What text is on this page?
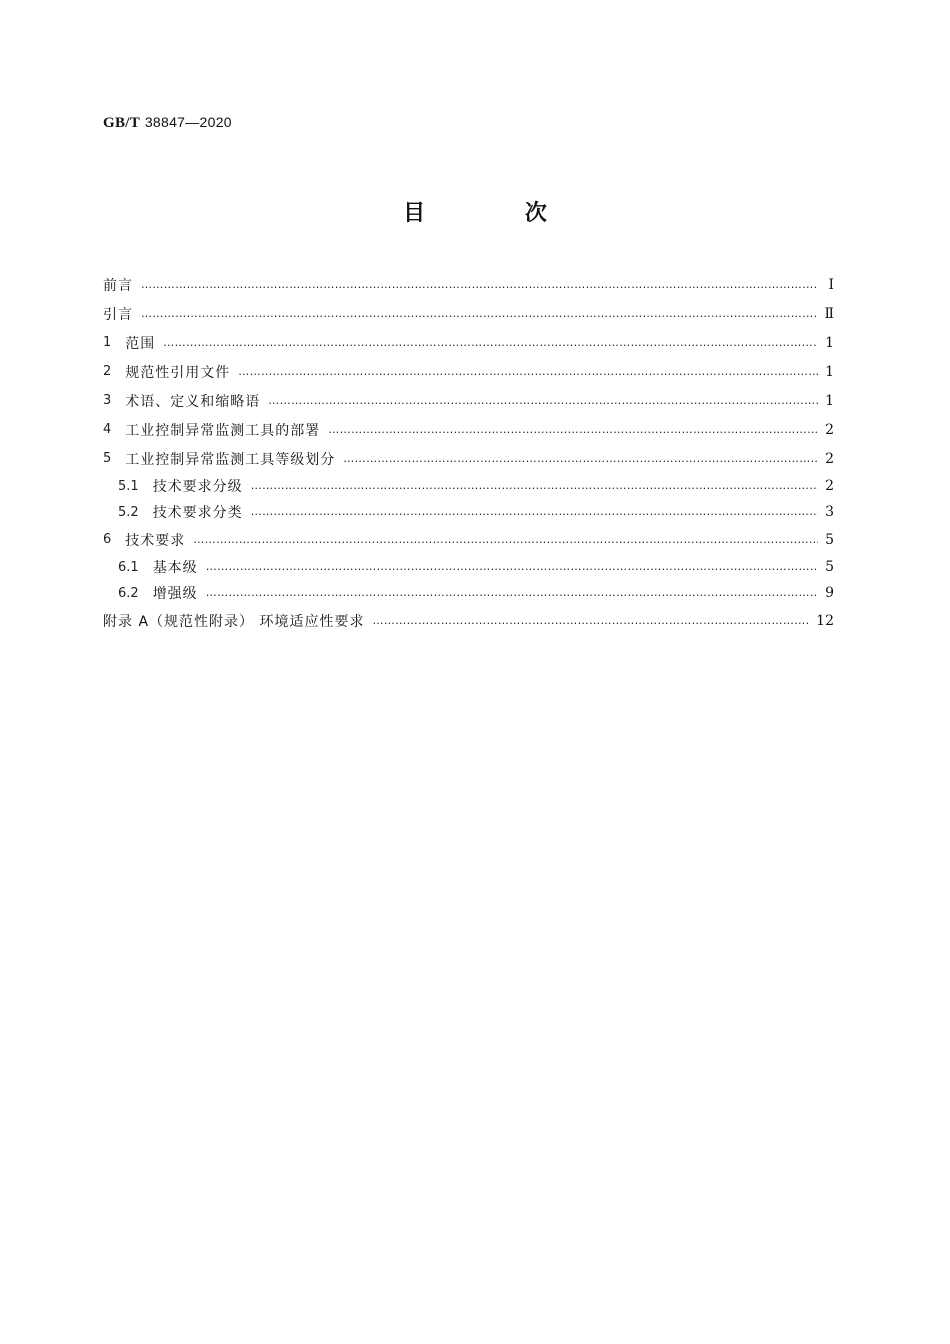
GB/T 38847—2020
目 次
前言 …………………………………………………………………………………………………………………………………………………………………………………………………………………………	Ⅰ
引言 …………………………………………………………………………………………………………………………………………………………………………………………………………………………	Ⅱ
1 范围 …………………………………………………………………………………………………………………………………………………………………………………………………………………………	1
2 规范性引用文件 …………………………………………………………………………………………………………………………………………………………………………………………………………………………	1
3 术语、定义和缩略语 …………………………………………………………………………………………………………………………………………………………………………………………………………………………	1
4 工业控制异常监测工具的部署 …………………………………………………………………………………………………………………………………………………………………………………………………………………………	2
5 工业控制异常监测工具等级划分 …………………………………………………………………………………………………………………………………………………………………………………………………………………………	2
5.1 技术要求分级 …………………………………………………………………………………………………………………………………………………………………………………………………………………………	2
5.2 技术要求分类 …………………………………………………………………………………………………………………………………………………………………………………………………………………………	3
6 技术要求 …………………………………………………………………………………………………………………………………………………………………………………………………………………………	5
6.1 基本级 …………………………………………………………………………………………………………………………………………………………………………………………………………………………	5
6.2 增强级 …………………………………………………………………………………………………………………………………………………………………………………………………………………………	9
附录 A（规范性附录） 环境适应性要求 …………………………………………………………………………………………………………………………………………………………………………………………………………………………	12
